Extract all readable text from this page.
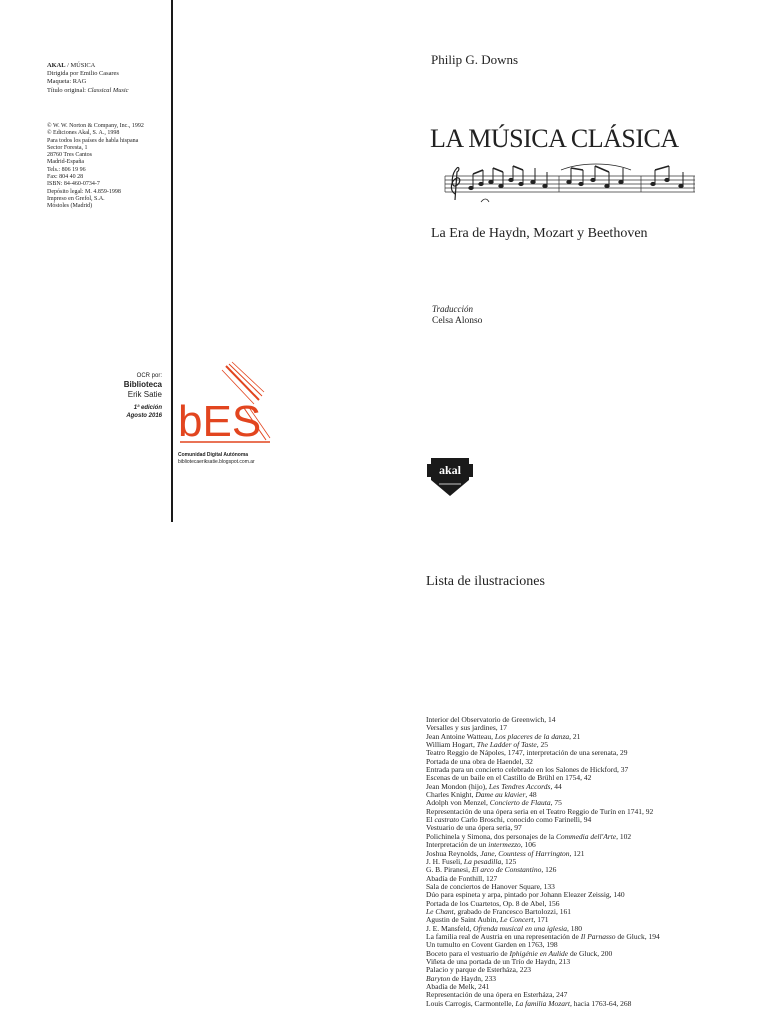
AKAL / MÚSICA
Dirigida por Emilio Casares
Maqueta: RAG
Título original: Classical Music
© W. W. Norton & Company, Inc., 1992
© Ediciones Akal, S. A., 1998
Para todos los países de habla hispana
Sector Foresta, 1
28760 Tres Cantos
Madrid-España
Tels.: 806 19 96
Fax: 804 40 28
ISBN: 84-460-0734-7
Depósito legal: M. 4.859-1998
Impreso en Grefol, S.A.
Móstoles (Madrid)
OCR por:
Biblioteca
Erik Satie
1ª edición
Agosto 2016 bES
Comunidad Digital Autónoma
bibliotecaeriksatie.blogspot.com.ar
Philip G. Downs
LA MÚSICA CLÁSICA
La Era de Haydn, Mozart y Beethoven
Traducción
Celsa Alonso
akal
Lista de ilustraciones
Interior del Observatorio de Greenwich, 14
Versalles y sus jardines, 17
Jean Antoine Watteau, Los placeres de la danza, 21
William Hogart, The Ladder of Taste, 25
Teatro Reggio de Nápoles, 1747, interpretación de una serenata, 29
Portada de una obra de Haendel, 32
Entrada para un concierto celebrado en los Salones de Hickford, 37
Escenas de un baile en el Castillo de Brühl en 1754, 42
Jean Mondon (hijo), Les Tendres Accords, 44
Charles Knight, Dame au klavier, 48
Adolph von Menzel, Concierto de Flauta, 75
Representación de una ópera seria en el Teatro Reggio de Turín en 1741, 92
El castrato Carlo Broschi, conocido como Farinelli, 94
Vestuario de una ópera seria, 97
Polichinela y Simona, dos personajes de la Commedia dell'Arte, 102
Interpretación de un intermezzo, 106
Joshua Reynolds, Jane, Countess of Harrington, 121
J. H. Fuseli, La pesadilla, 125
G. B. Piranesi, El arco de Constantino, 126
Abadía de Fonthill, 127
Sala de conciertos de Hanover Square, 133
Dúo para espineta y arpa, pintado por Johann Eleazer Zeissig, 140
Portada de los Cuartetos, Op. 8 de Abel, 156
Le Chant, grabado de Francesco Bartolozzi, 161
Agustin de Saint Aubin, Le Concert, 171
J. E. Mansfeld, Ofrenda musical en una iglesia, 180
La familia real de Austria en una representación de Il Parnasso de Gluck, 194
Un tumulto en Covent Garden en 1763, 198
Boceto para el vestuario de Iphigénie en Aulide de Gluck, 200
Viñeta de una portada de un Trío de Haydn, 213
Palacio y parque de Esterháza, 223
Baryton de Haydn, 233
Abadía de Melk, 241
Representación de una ópera en Esterháza, 247
Louis Carrogis, Carmontelle, La familia Mozart, hacia 1763-64, 268
